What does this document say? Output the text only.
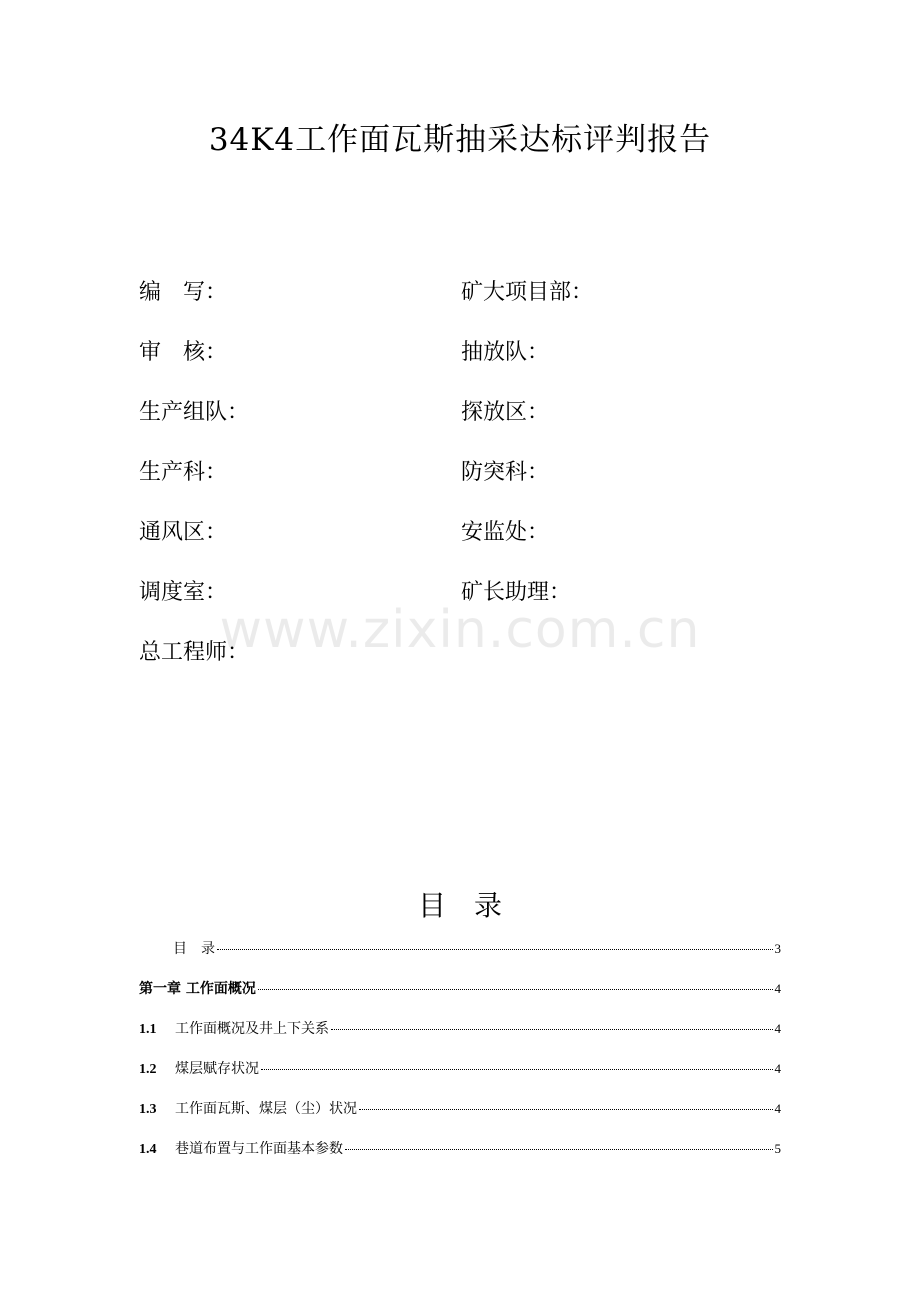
34K4工作面瓦斯抽采达标评判报告
编　写：	矿大项目部：
审　核：	抽放队：
生产组队：	探放区：
生产科：	防突科：
通风区：	安监处：
调度室：	矿长助理：
总工程师：
www.zixin.com.cn
目　录
目　录	3
第一章 工作面概况	4
1.1	工作面概况及井上下关系	4
1.2	煤层赋存状况	4
1.3	工作面瓦斯、煤层（尘）状况	4
1.4	巷道布置与工作面基本参数	5
